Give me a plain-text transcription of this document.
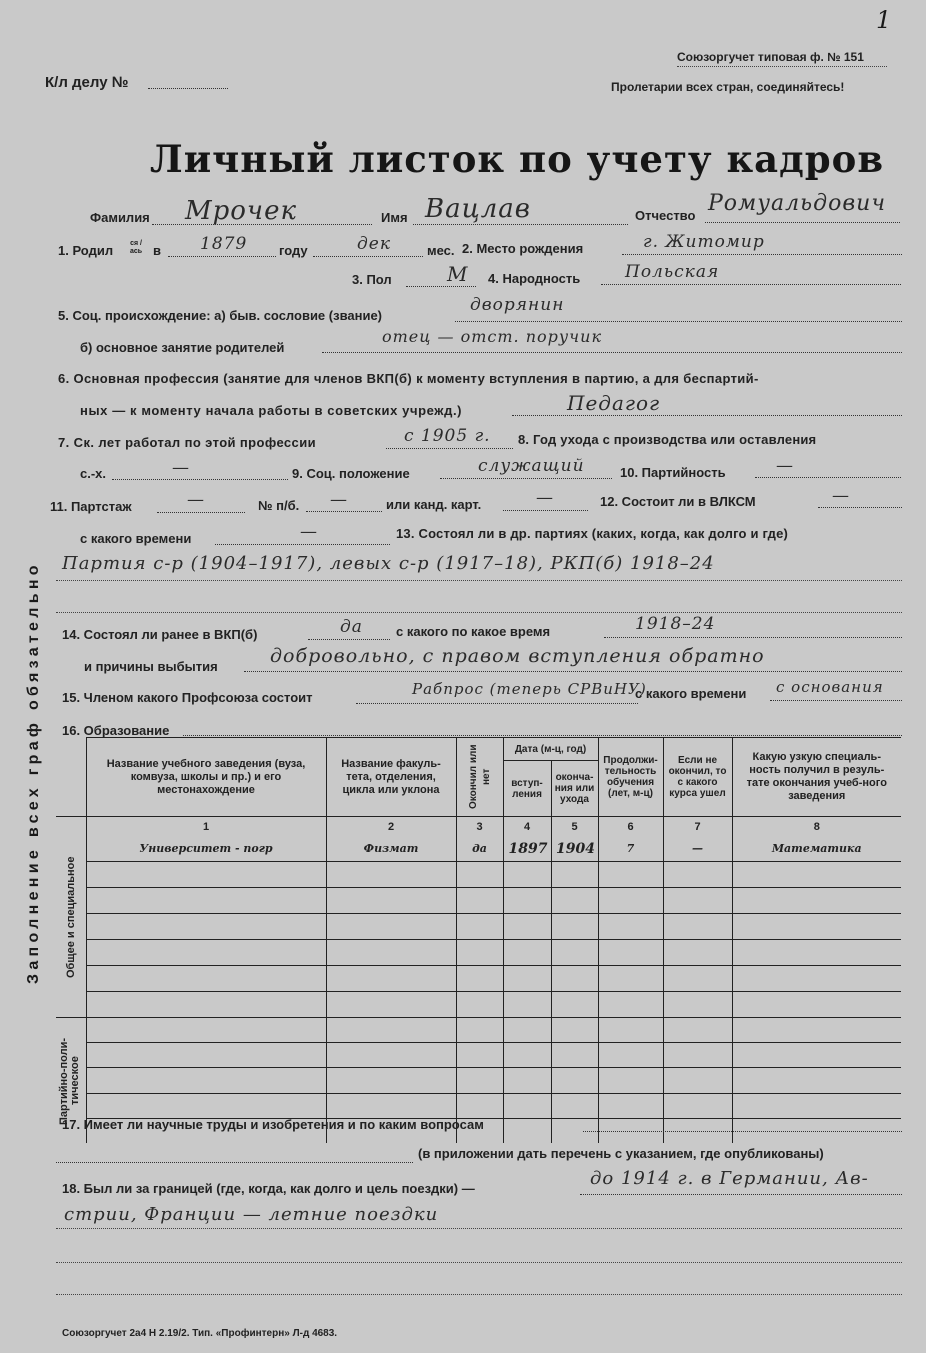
1
Союзоргучет типовая ф. № 151
К/л делу №	Пролетарии всех стран, соединяйтесь!
Личный листок по учету кадров
Заполнение всех граф обязательно
Фамилия Мрочек	Имя Вацлав	Отчество Ромуальдович
1. Родил ся / ась в 1879 году	дек	мес. 2. Место рождения	г. Житомир
3. Пол	М 4. Народность	Польская
5. Соц. происхождение: а) быв. сословие (звание)
дворянин
б) основное занятие родителей
отец — отст. поручик
6. Основная профессия (занятие для членов ВКП(б) к моменту вступления в партию, а для беспартий-
ных — к моменту начала работы в советских учрежд.)	Педагог
7. Ск. лет работал по этой профессии	с 1905 г. 8. Год ухода с производства или оставления
с.-х.	—	9. Соц. положение	служащий	10. Партийность	—
11. Партстаж	—	№ п/б. —	или канд. карт.	—	12. Состоит ли в ВЛКСМ	—
с какого времени	—	13. Состоял ли в др. партиях (каких, когда, как долго и где)
Партия с-р (1904–1917), левых с-р (1917–18), РКП(б) 1918–24
14. Состоял ли ранее в ВКП(б)	да	с какого по какое время	1918–24
и причины выбытия	добровольно, с правом вступления обратно
15. Членом какого Профсоюза состоит	Рабпрос (теперь СРВиНУ)
с какого времени с основания
16. Образование
	Название учебного заведения (вуза, комвуза, школы и пр.) и его местонахождение	Название факуль-тета, отделения, цикла или уклона	Окончил или нет	Дата (м-ц, год)		Продолжи-тельность обучения (лет, м-ц)	Если не окончил, то с какого курса ушел	Какую узкую специаль-ность получил в резуль-тате окончания учеб-ного заведения
				вступ-ления	оконча-ния или ухода			

Общее и специальное	1	2	3	4	5	6	7	8
	Университет - погр	Физмат	да	1897	1904	7	—	Математика

Партийно-поли-тическое								

17. Имеет ли научные труды и изобретения и по каким вопросам
(в приложении дать перечень с указанием, где опубликованы)
18. Был ли за границей (где, когда, как долго и цель поездки) —	до 1914 г. в Германии, Ав-
стрии, Франции — летние поездки
Союзоргучет 2а4 Н 2.19/2. Тип. «Профинтерн» Л-д 4683.
